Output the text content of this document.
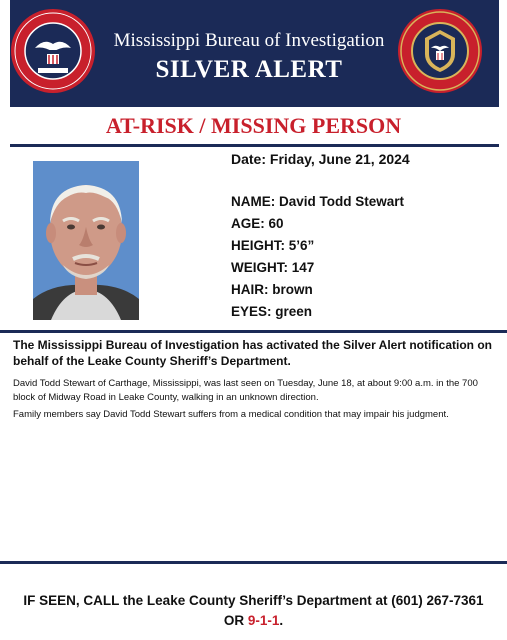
Mississippi Bureau of Investigation
SILVER ALERT
AT-RISK / MISSING PERSON
Date: Friday, June 21, 2024
NAME: David Todd Stewart
AGE: 60
HEIGHT: 5’6”
WEIGHT: 147
HAIR: brown
EYES: green
The Mississippi Bureau of Investigation has activated the Silver Alert notification on behalf of the Leake County Sheriff’s Department.
David Todd Stewart of Carthage, Mississippi, was last seen on Tuesday, June 18, at about 9:00 a.m. in the 700 block of Midway Road in Leake County, walking in an unknown direction.
Family members say David Todd Stewart suffers from a medical condition that may impair his judgment.
IF SEEN, CALL the Leake County Sheriff’s Department at (601) 267-7361
OR 9-1-1.
